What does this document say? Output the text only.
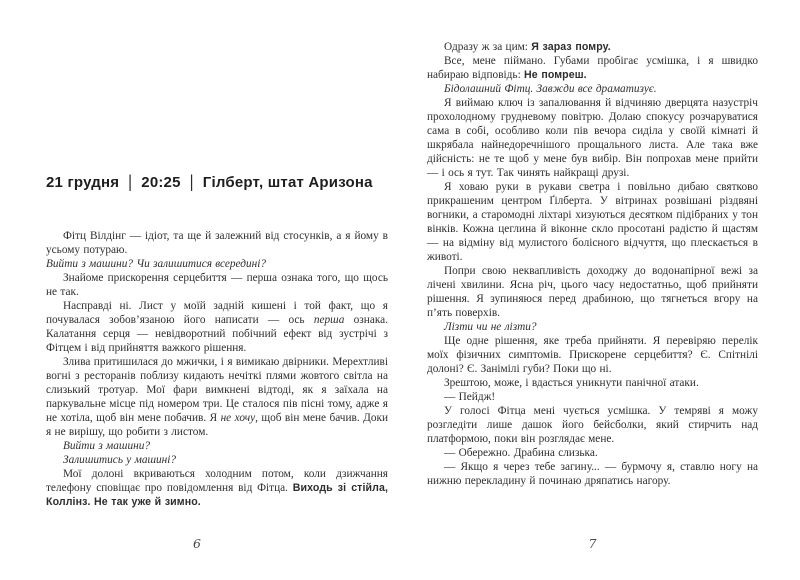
21 грудня | 20:25 | Гілберт, штат Аризона

Фітц Вілдінг — ідіот, та ще й залежний від стосунків, а я йому в усьому потураю.

Вийти з машини? Чи залишитися всередині?

Знайоме прискорення серцебиття — перша ознака того, що щось не так.

Насправді ні. Лист у моїй задній кишені і той факт, що я почувалася зобов’язаною його написати — ось перша ознака. Калатання серця — невідворотний побічний ефект від зустрічі з Фітцем і від прийняття важкого рішення.

Злива притишилася до мжички, і я вимикаю двірники. Мерехтливі вогні з ресторанів поблизу кидають нечіткі плями жовтого світла на слизький тротуар. Мої фари вимкнені відтоді, як я заїхала на паркувальне місце під номером три. Це сталося пів пісні тому, адже я не хотіла, щоб він мене побачив. Я не хочу, щоб він мене бачив. Доки я не вирішу, що робити з листом.

Вийти з машини?

Залишитись у машині?

Мої долоні вкриваються холодним потом, коли дзижчання телефону сповіщає про повідомлення від Фітца. Виходь зі стійла, Коллінз. Не так уже й зимно.

6

Одразу ж за цим: Я зараз помру.

Все, мене піймано. Губами пробігає усмішка, і я швидко набираю відповідь: Не помреш.

Бідолашний Фітц. Завжди все драматизує.

Я виймаю ключ із запалювання й відчиняю дверцята назустріч прохолодному грудневому повітрю. Долаю спокусу розчаруватися сама в собі, особливо коли пів вечора сиділа у своїй кімнаті й шкрябала найнедоречнішого прощального листа. Але така вже дійсність: не те щоб у мене був вибір. Він попрохав мене прийти — і ось я тут. Так чинять найкращі друзі.

Я ховаю руки в рукави светра і повільно дибаю святково прикрашеним центром Ґілберта. У вітринах розвішані різдвяні вогники, а старомодні ліхтарі хизуються десятком підібраних у тон вінків. Кожна цеглина й віконне скло просотані радістю й щастям — на відміну від мулистого болісного відчуття, що плескається в животі.

Попри свою неквапливість доходжу до водонапірної вежі за лічені хвилини. Ясна річ, цього часу недостатньо, щоб прийняти рішення. Я зупиняюся перед драбиною, що тягнеться вгору на п’ять поверхів.

Лізти чи не лізти?

Ще одне рішення, яке треба прийняти. Я перевіряю перелік моїх фізичних симптомів. Прискорене серцебиття? Є. Спітнілі долоні? Є. Занімілі губи? Поки що ні.

Зрештою, може, і вдасться уникнути панічної атаки.

— Пейдж!

У голосі Фітца мені чується усмішка. У темряві я можу розгледіти лише дашок його бейсболки, який стирчить над платформою, поки він розглядає мене.

— Обережно. Драбина слизька.

— Якщо я через тебе загину... — бурмочу я, ставлю ногу на нижню перекладину й починаю дряпатись нагору.

7
